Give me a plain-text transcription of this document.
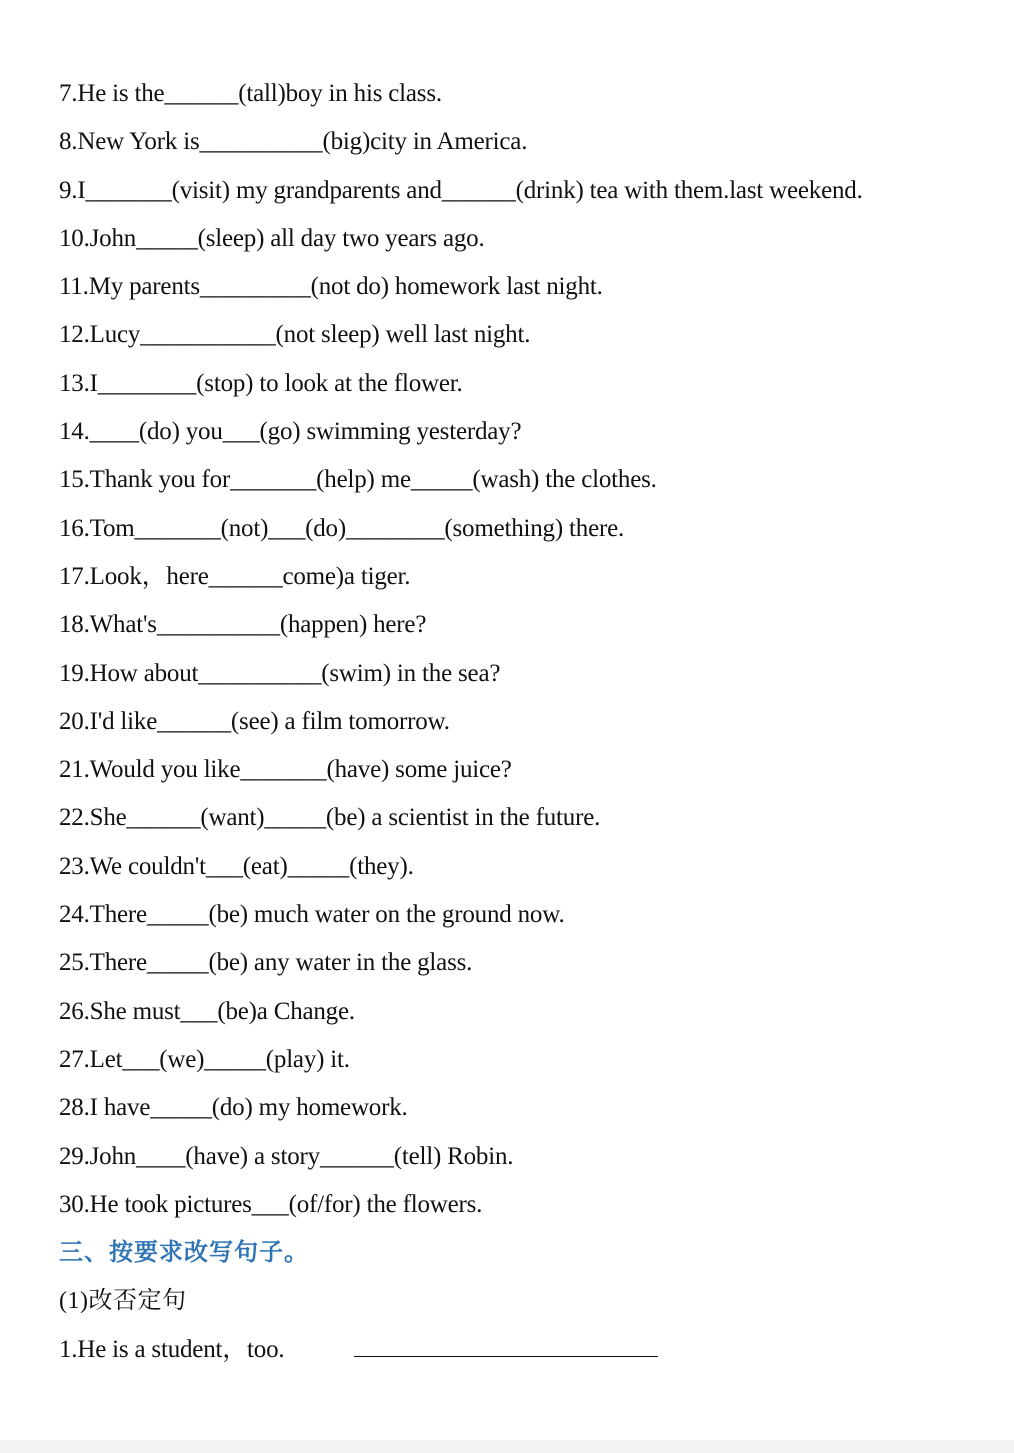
7.He is the______(tall)boy in his class.
8.New York is__________(big)city in America.
9.I_______(visit) my grandparents and______(drink) tea with them.last weekend.
10.John_____(sleep) all day two years ago.
11.My parents_________(not do) homework last night.
12.Lucy___________(not sleep) well last night.
13.I________(stop) to look at the flower.
14.____(do) you___(go) swimming yesterday?
15.Thank you for_______(help) me_____(wash) the clothes.
16.Tom_______(not)___(do)________(something) there.
17.Look，here______come)a tiger.
18.What's__________(happen) here?
19.How about__________(swim) in the sea?
20.I'd like______(see) a film tomorrow.
21.Would you like_______(have) some juice?
22.She______(want)_____(be) a scientist in the future.
23.We couldn't___(eat)_____(they).
24.There_____(be) much water on the ground now.
25.There_____(be) any water in the glass.
26.She must___(be)a Change.
27.Let___(we)_____(play) it.
28.I have_____(do) my homework.
29.John____(have) a story______(tell) Robin.
30.He took pictures___(of/for) the flowers.
三、按要求改写句子。
(1)改否定句
1.He is a student，too.
